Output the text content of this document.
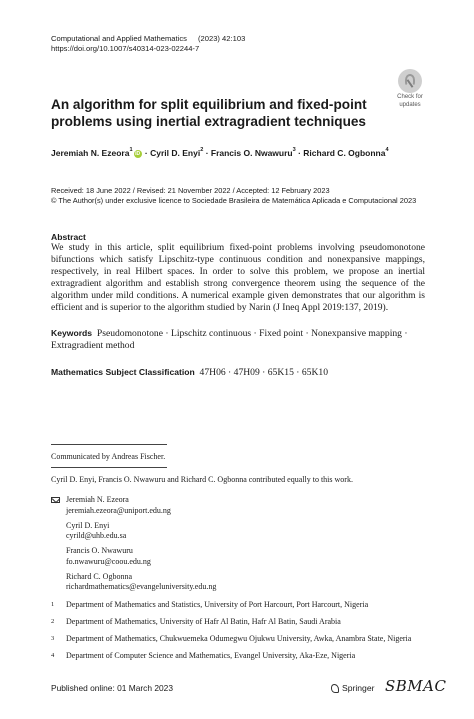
Computational and Applied Mathematics	(2023) 42:103
https://doi.org/10.1007/s40314-023-02244-7
Check for
updates
An algorithm for split equilibrium and fixed-point problems using inertial extragradient techniques
Jeremiah N. Ezeora$^1$iD · Cyril D. Enyi$^2$ · Francis O. Nwawuru$^3$ · Richard C. Ogbonna$^4$
Received: 18 June 2022 / Revised: 21 November 2022 / Accepted: 12 February 2023
© The Author(s) under exclusive licence to Sociedade Brasileira de Matemática Aplicada e Computacional 2023
Abstract
We study in this article, split equilibrium fixed-point problems involving pseudomonotone bifunctions which satisfy Lipschitz-type continuous condition and nonexpansive mappings, respectively, in real Hilbert spaces. In order to solve this problem, we propose an inertial extragradient algorithm and establish strong convergence theorem using the sequence of the algorithm under mild conditions. A numerical example given demonstrates that our algorithm is efficient and is superior to the algorithm studied by Narin (J Ineq Appl 2019:137, 2019).
Keywords Pseudomonotone · Lipschitz continuous · Fixed point · Nonexpansive mapping · Extragradient method
Mathematics Subject Classification 47H06 · 47H09 · 65K15 · 65K10
Communicated by Andreas Fischer.
Cyril D. Enyi, Francis O. Nwawuru and Richard C. Ogbonna contributed equally to this work.
Jeremiah N. Ezeora
jeremiah.ezeora@uniport.edu.ng
Cyril D. Enyi
cyrild@uhb.edu.sa
Francis O. Nwawuru
fo.nwawuru@coou.edu.ng
Richard C. Ogbonna
richardmathematics@evangeluniversity.edu.ng
1	Department of Mathematics and Statistics, University of Port Harcourt, Port Harcourt, Nigeria
2	Department of Mathematics, University of Hafr Al Batin, Hafr Al Batin, Saudi Arabia
3	Department of Mathematics, Chukwuemeka Odumegwu Ojukwu University, Awka, Anambra State, Nigeria
4	Department of Computer Science and Mathematics, Evangel University, Aka-Eze, Nigeria
Published online: 01 March 2023	Springer SBMAC
